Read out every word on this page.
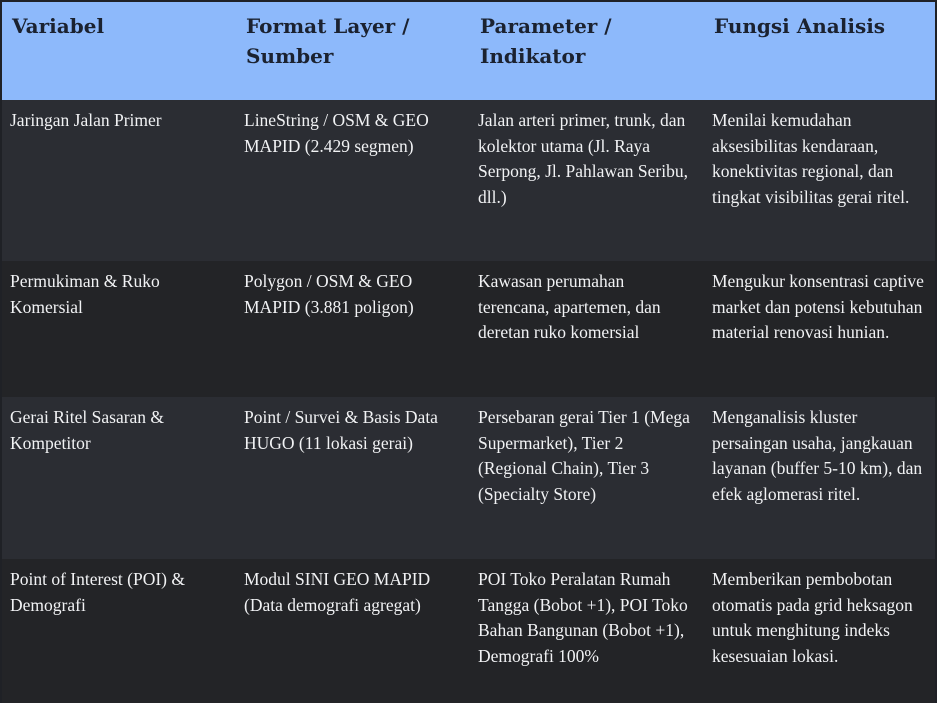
Variabel	Format Layer / Sumber
Parameter / Indikator
Fungsi Analisis
Jaringan Jalan Primer	LineString / OSM & GEO MAPID (2.429 segmen)
Jalan arteri primer, trunk, dan kolektor utama (Jl. Raya Serpong, Jl. Pahlawan Seribu, dll.)
Menilai kemudahan aksesibilitas kendaraan, konektivitas regional, dan tingkat visibilitas gerai ritel.
Permukiman & Ruko Komersial
Polygon / OSM & GEO MAPID (3.881 poligon)
Kawasan perumahan terencana, apartemen, dan deretan ruko komersial
Mengukur konsentrasi captive market dan potensi kebutuhan material renovasi hunian.
Gerai Ritel Sasaran & Kompetitor
Point / Survei & Basis Data HUGO (11 lokasi gerai)
Persebaran gerai Tier 1 (Mega Supermarket), Tier 2 (Regional Chain), Tier 3 (Specialty Store)
Menganalisis kluster persaingan usaha, jangkauan layanan (buffer 5-10 km), dan efek aglomerasi ritel.
Point of Interest (POI) & Demografi
Modul SINI GEO MAPID (Data demografi agregat)
POI Toko Peralatan Rumah Tangga (Bobot +1), POI Toko Bahan Bangunan (Bobot +1), Demografi 100%
Memberikan pembobotan otomatis pada grid heksagon untuk menghitung indeks kesesuaian lokasi.
